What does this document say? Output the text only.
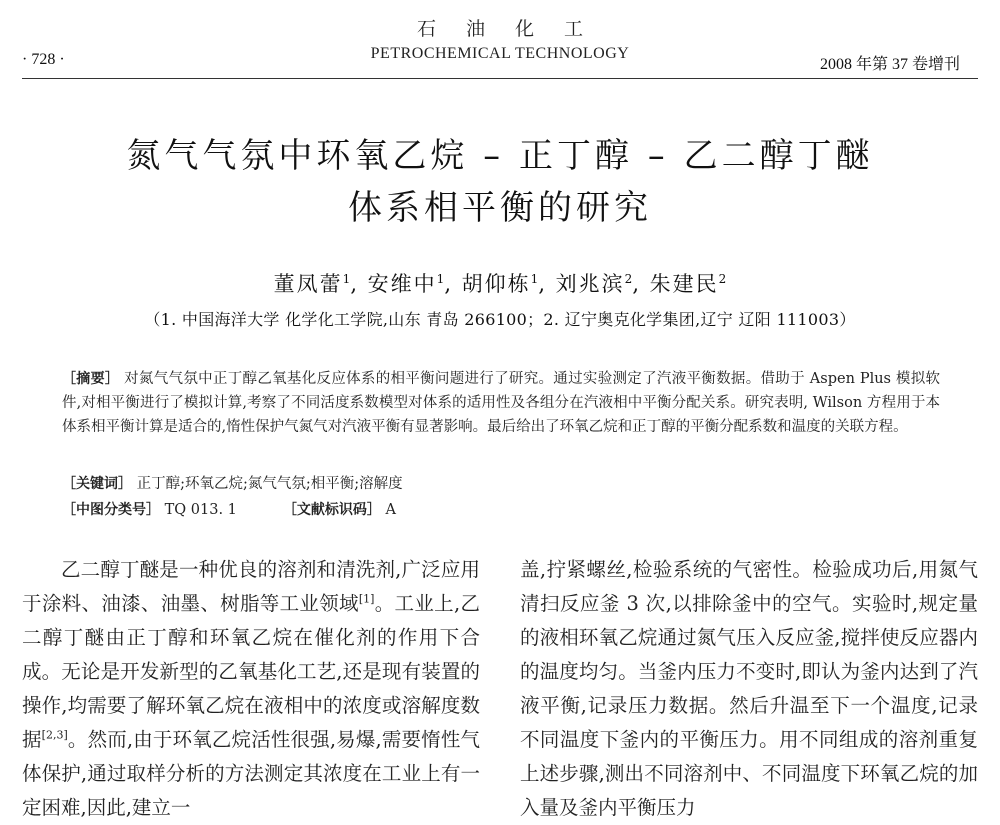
石油化工
PETROCHEMICAL TECHNOLOGY
· 728 ·	2008 年第 37 卷增刊
氮气气氛中环氧乙烷 – 正丁醇 – 乙二醇丁醚
体系相平衡的研究
董凤蕾$^1$, 安维中$^1$, 胡仰栋$^1$, 刘兆滨$^2$, 朱建民$^2$
（1. 中国海洋大学 化学化工学院,山东 青岛 266100；2. 辽宁奥克化学集团,辽宁 辽阳 111003）
［摘要］ 对氮气气氛中正丁醇乙氧基化反应体系的相平衡问题进行了研究。通过实验测定了汽液平衡数据。借助于 Aspen Plus 模拟软件,对相平衡进行了模拟计算,考察了不同活度系数模型对体系的适用性及各组分在汽液相中平衡分配关系。研究表明, Wilson 方程用于本体系相平衡计算是适合的,惰性保护气氮气对汽液平衡有显著影响。最后给出了环氧乙烷和正丁醇的平衡分配系数和温度的关联方程。
［关键词］ 正丁醇;环氧乙烷;氮气气氛;相平衡;溶解度
［中图分类号］ TQ 013. 1	［文献标识码］ A

乙二醇丁醚是一种优良的溶剂和清洗剂,广泛应用于涂料、油漆、油墨、树脂等工业领域[1]。工业上,乙二醇丁醚由正丁醇和环氧乙烷在催化剂的作用下合成。无论是开发新型的乙氧基化工艺,还是现有装置的操作,均需要了解环氧乙烷在液相中的浓度或溶解度数据[2,3]。然而,由于环氧乙烷活性很强,易爆,需要惰性气体保护,通过取样分析的方法测定其浓度在工业上有一定困难,因此,建立一

盖,拧紧螺丝,检验系统的气密性。检验成功后,用氮气清扫反应釜 3 次,以排除釜中的空气。实验时,规定量的液相环氧乙烷通过氮气压入反应釜,搅拌使反应器内的温度均匀。当釜内压力不变时,即认为釜内达到了汽液平衡,记录压力数据。然后升温至下一个温度,记录不同温度下釜内的平衡压力。用不同组成的溶剂重复上述步骤,测出不同溶剂中、不同温度下环氧乙烷的加入量及釜内平衡压力
